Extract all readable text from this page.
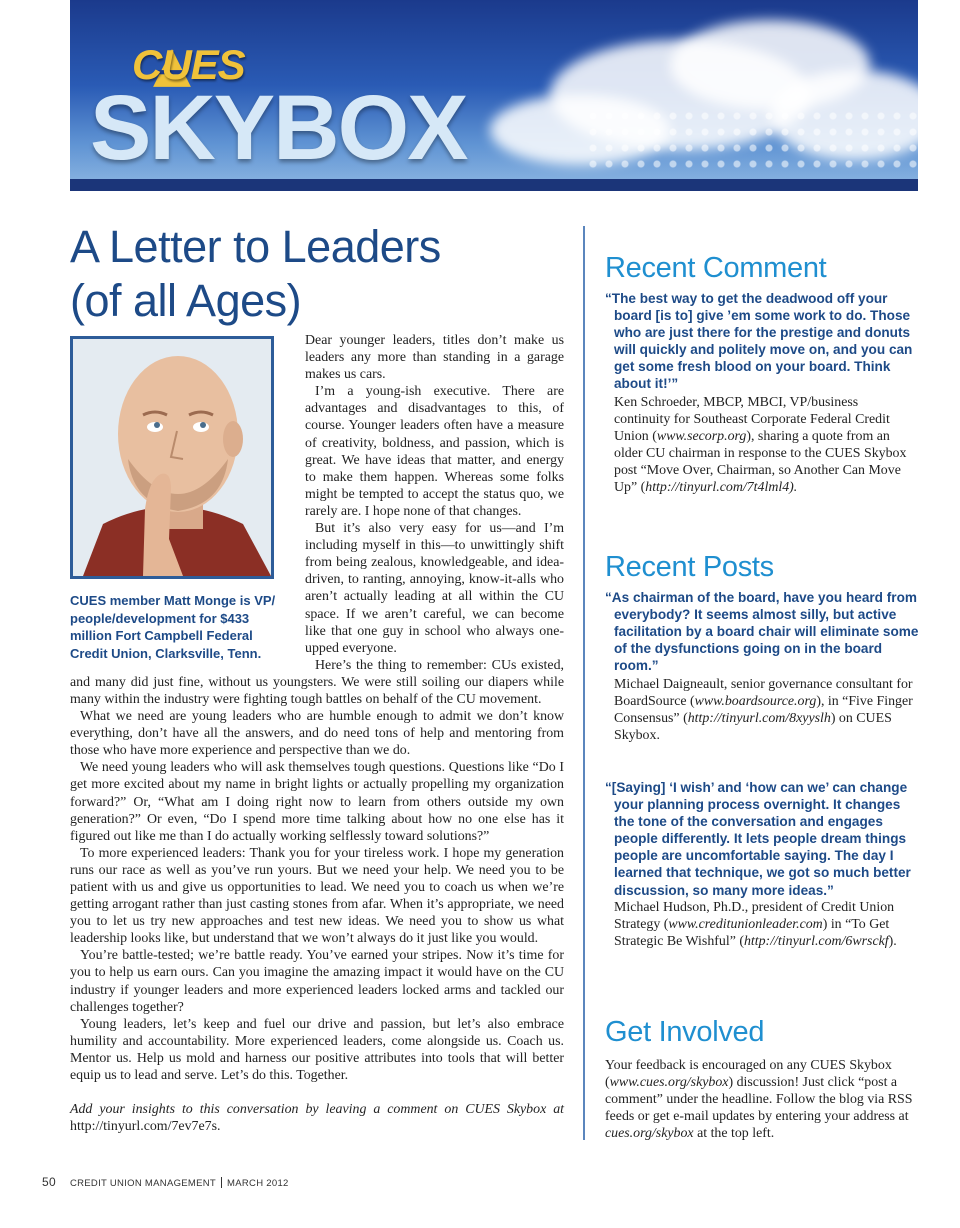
CUES
SKYBOX
A Letter to Leaders
(of all Ages)

CUES member Matt Monge is VP/ people/development for $433 million Fort Campbell Federal Credit Union, Clarksville, Tenn.

Dear younger leaders, titles don’t make us leaders any more than standing in a garage makes us cars.

I’m a young-ish executive. There are advantages and disadvantages to this, of course. Younger leaders often have a measure of creativity, boldness, and passion, which is great. We have ideas that matter, and energy to make them happen. Whereas some folks might be tempted to accept the status quo, we rarely are. I hope none of that changes.

But it’s also very easy for us—and I’m including myself in this—to unwittingly shift from being zealous, knowledgeable, and idea-driven, to ranting, annoying, know-it-alls who aren’t actually leading at all within the CU space. If we aren’t careful, we can become like that one guy in school who always one-upped everyone.

Here’s the thing to remember: CUs existed, and many did just fine, without us youngsters. We were still soiling our diapers while many within the industry were fighting tough battles on behalf of the CU movement.

What we need are young leaders who are humble enough to admit we don’t know everything, don’t have all the answers, and do need tons of help and mentoring from those who have more experience and perspective than we do.

We need young leaders who will ask themselves tough questions. Questions like “Do I get more excited about my name in bright lights or actually propelling my organization forward?” Or, “What am I doing right now to learn from others outside my own generation?” Or even, “Do I spend more time talking about how no one else has it figured out like me than I do actually working selflessly toward solutions?”

To more experienced leaders: Thank you for your tireless work. I hope my generation runs our race as well as you’ve run yours. But we need your help. We need you to be patient with us and give us opportunities to lead. We need you to coach us when we’re getting arrogant rather than just casting stones from afar. When it’s appropriate, we need you to let us try new approaches and test new ideas. We need you to show us what leadership looks like, but understand that we won’t always do it just like you would.

You’re battle-tested; we’re battle ready. You’ve earned your stripes. Now it’s time for you to help us earn ours. Can you imagine the amazing impact it would have on the CU industry if younger leaders and more experienced leaders locked arms and tackled our challenges together?

Young leaders, let’s keep and fuel our drive and passion, but let’s also embrace humility and accountability. More experienced leaders, come alongside us. Coach us. Mentor us. Help us mold and harness our positive attributes into tools that will better equip us to lead and serve. Let’s do this. Together.

Add your insights to this conversation by leaving a comment on CUES Skybox at http://tinyurl.com/7ev7e7s.

Recent Comment

“The best way to get the deadwood off your board [is to] give ’em some work to do. Those who are just there for the prestige and donuts will quickly and politely move on, and you can get some fresh blood on your board. Think about it!’”

Ken Schroeder, MBCP, MBCI, VP/business continuity for Southeast Corporate Federal Credit Union (www.secorp.org), sharing a quote from an older CU chairman in response to the CUES Skybox post “Move Over, Chairman, so Another Can Move Up” (http://tinyurl.com/7t4lml4).

Recent Posts

“As chairman of the board, have you heard from everybody? It seems almost silly, but active facilitation by a board chair will eliminate some of the dysfunctions going on in the board room.”

Michael Daigneault, senior governance consultant for BoardSource (www.boardsource.org), in “Five Finger Consensus” (http://tinyurl.com/8xyyslh) on CUES Skybox.

“[Saying] ‘I wish’ and ‘how can we’ can change your planning process overnight. It changes the tone of the conversation and engages people differently. It lets people dream things people are uncomfortable saying. The day I learned that technique, we got so much better discussion, so many more ideas.”

Michael Hudson, Ph.D., president of Credit Union Strategy (www.creditunionleader.com) in “To Get Strategic Be Wishful” (http://tinyurl.com/6wrsckf).

Get Involved

Your feedback is encouraged on any CUES Skybox (www.cues.org/skybox) discussion! Just click “post a comment” under the headline. Follow the blog via RSS feeds or get e-mail updates by entering your address at cues.org/skybox at the top left.

50 CREDIT UNION MANAGEMENT MARCH 2012
